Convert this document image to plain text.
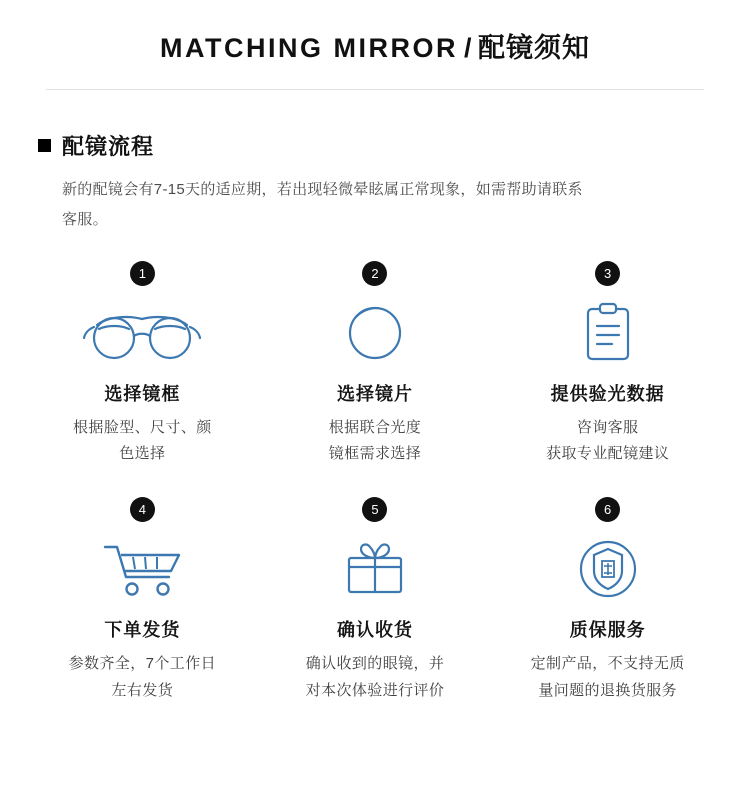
MATCHING MIRROR / 配镜须知
配镜流程
新的配镜会有7-15天的适应期，若出现轻微晕眩属正常现象，如需帮助请联系
客服。
1
选择镜框
根据脸型、尺寸、颜
色选择
2
选择镜片
根据联合光度
镜框需求选择
3
提供验光数据
咨询客服
获取专业配镜建议
4
下单发货
参数齐全，7个工作日
左右发货
5
确认收货
确认收到的眼镜，并
对本次体验进行评价
6
质保服务
定制产品，不支持无质
量问题的退换货服务
